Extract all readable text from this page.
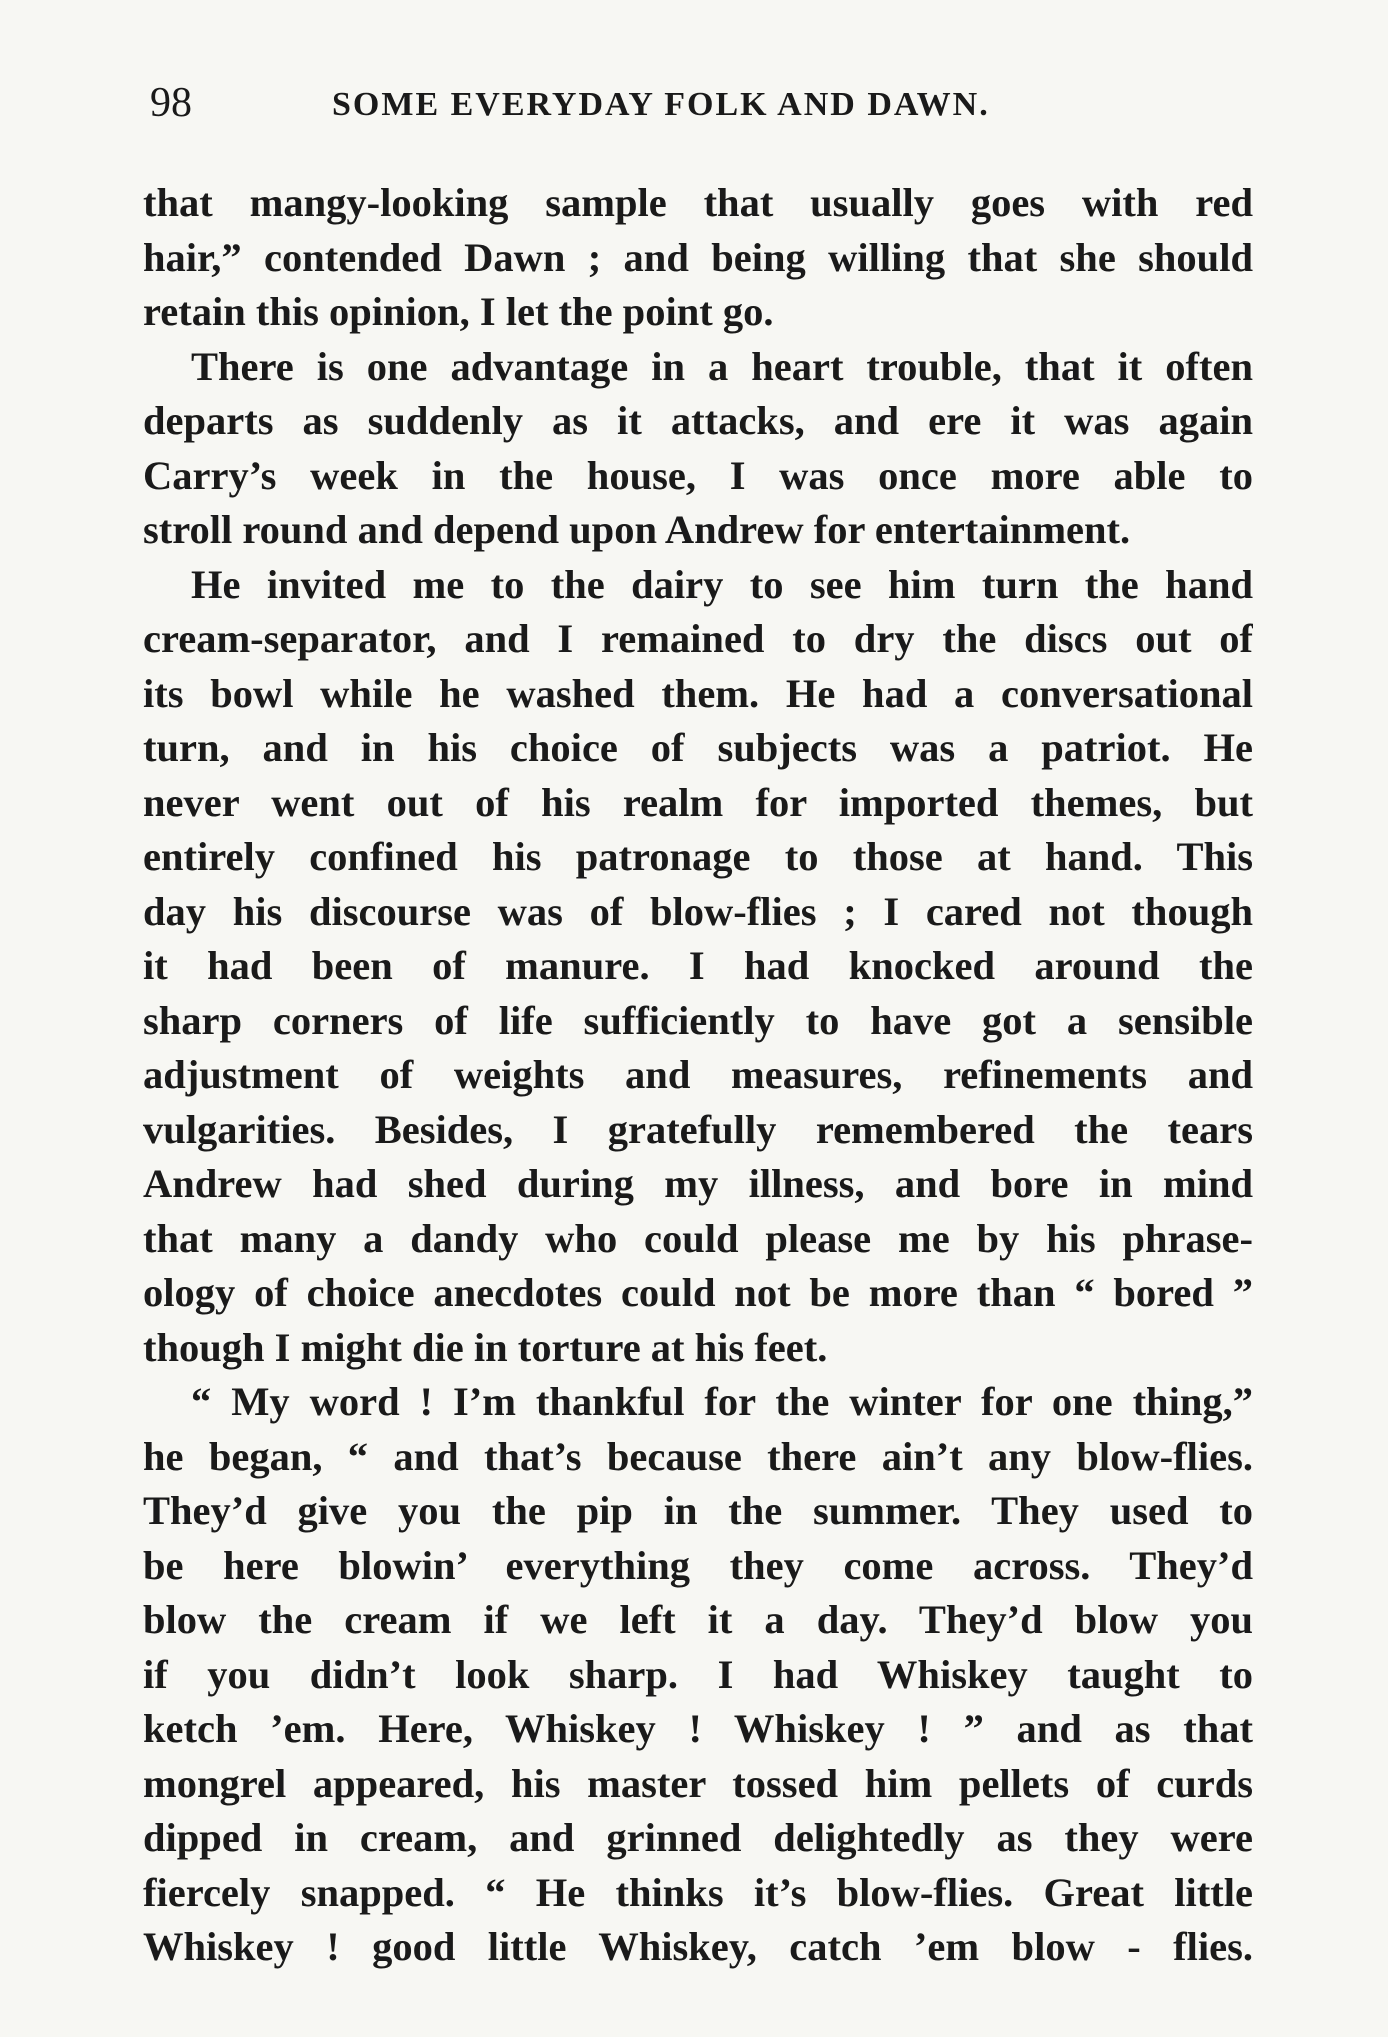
98	SOME EVERYDAY FOLK AND DAWN.
that mangy-looking sample that usually goes with red
hair,” contended Dawn ; and being willing that she should
retain this opinion, I let the point go.
There is one advantage in a heart trouble, that it often
departs as suddenly as it attacks, and ere it was again
Carry’s week in the house, I was once more able to
stroll round and depend upon Andrew for entertainment.
He invited me to the dairy to see him turn the hand
cream-separator, and I remained to dry the discs out of
its bowl while he washed them. He had a conversational
turn, and in his choice of subjects was a patriot. He
never went out of his realm for imported themes, but
entirely confined his patronage to those at hand. This
day his discourse was of blow-flies ; I cared not though
it had been of manure. I had knocked around the
sharp corners of life sufficiently to have got a sensible
adjustment of weights and measures, refinements and
vulgarities. Besides, I gratefully remembered the tears
Andrew had shed during my illness, and bore in mind
that many a dandy who could please me by his phrase-
ology of choice anecdotes could not be more than “ bored ”
though I might die in torture at his feet.
“ My word ! I’m thankful for the winter for one thing,”
he began, “ and that’s because there ain’t any blow-flies.
They’d give you the pip in the summer. They used to
be here blowin’ everything they come across. They’d
blow the cream if we left it a day. They’d blow you
if you didn’t look sharp. I had Whiskey taught to
ketch ’em. Here, Whiskey ! Whiskey ! ” and as that
mongrel appeared, his master tossed him pellets of curds
dipped in cream, and grinned delightedly as they were
fiercely snapped. “ He thinks it’s blow-flies. Great little
Whiskey ! good little Whiskey, catch ’em blow - flies.
